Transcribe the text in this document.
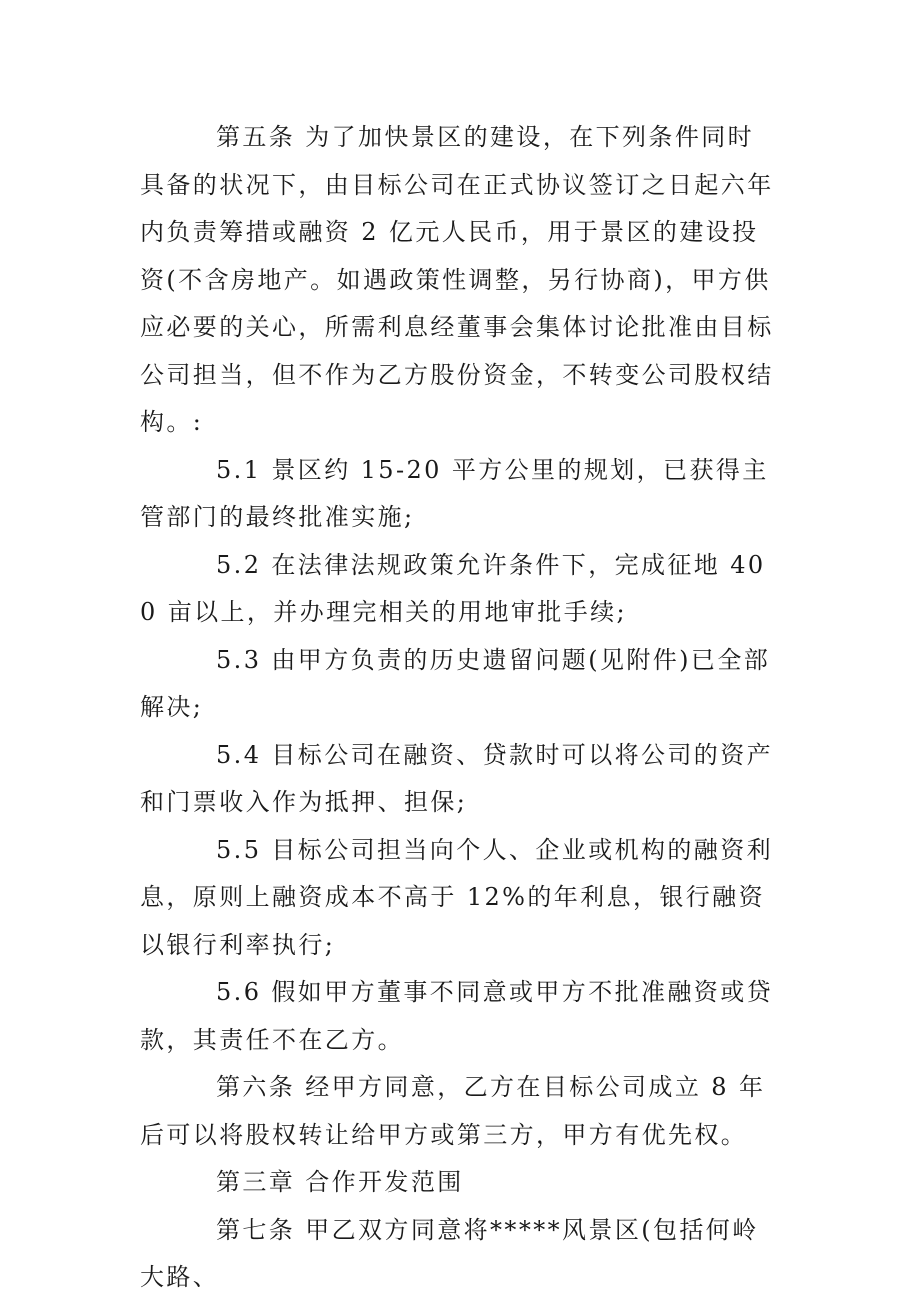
第五条 为了加快景区的建设，在下列条件同时具备的状况下，由目标公司在正式协议签订之日起六年内负责筹措或融资 2 亿元人民币，用于景区的建设投资(不含房地产。如遇政策性调整，另行协商)，甲方供应必要的关心，所需利息经董事会集体讨论批准由目标公司担当，但不作为乙方股份资金，不转变公司股权结构。:

5.1 景区约 15-20 平方公里的规划，已获得主管部门的最终批准实施;

5.2 在法律法规政策允许条件下，完成征地 400 亩以上，并办理完相关的用地审批手续;

5.3 由甲方负责的历史遗留问题(见附件)已全部解决;

5.4 目标公司在融资、贷款时可以将公司的资产和门票收入作为抵押、担保;

5.5 目标公司担当向个人、企业或机构的融资利息，原则上融资成本不高于 12%的年利息，银行融资以银行利率执行;

5.6 假如甲方董事不同意或甲方不批准融资或贷款，其责任不在乙方。

第六条 经甲方同意，乙方在目标公司成立 8 年后可以将股权转让给甲方或第三方，甲方有优先权。

第三章 合作开发范围

第七条 甲乙双方同意将*****风景区(包括何岭大路、
